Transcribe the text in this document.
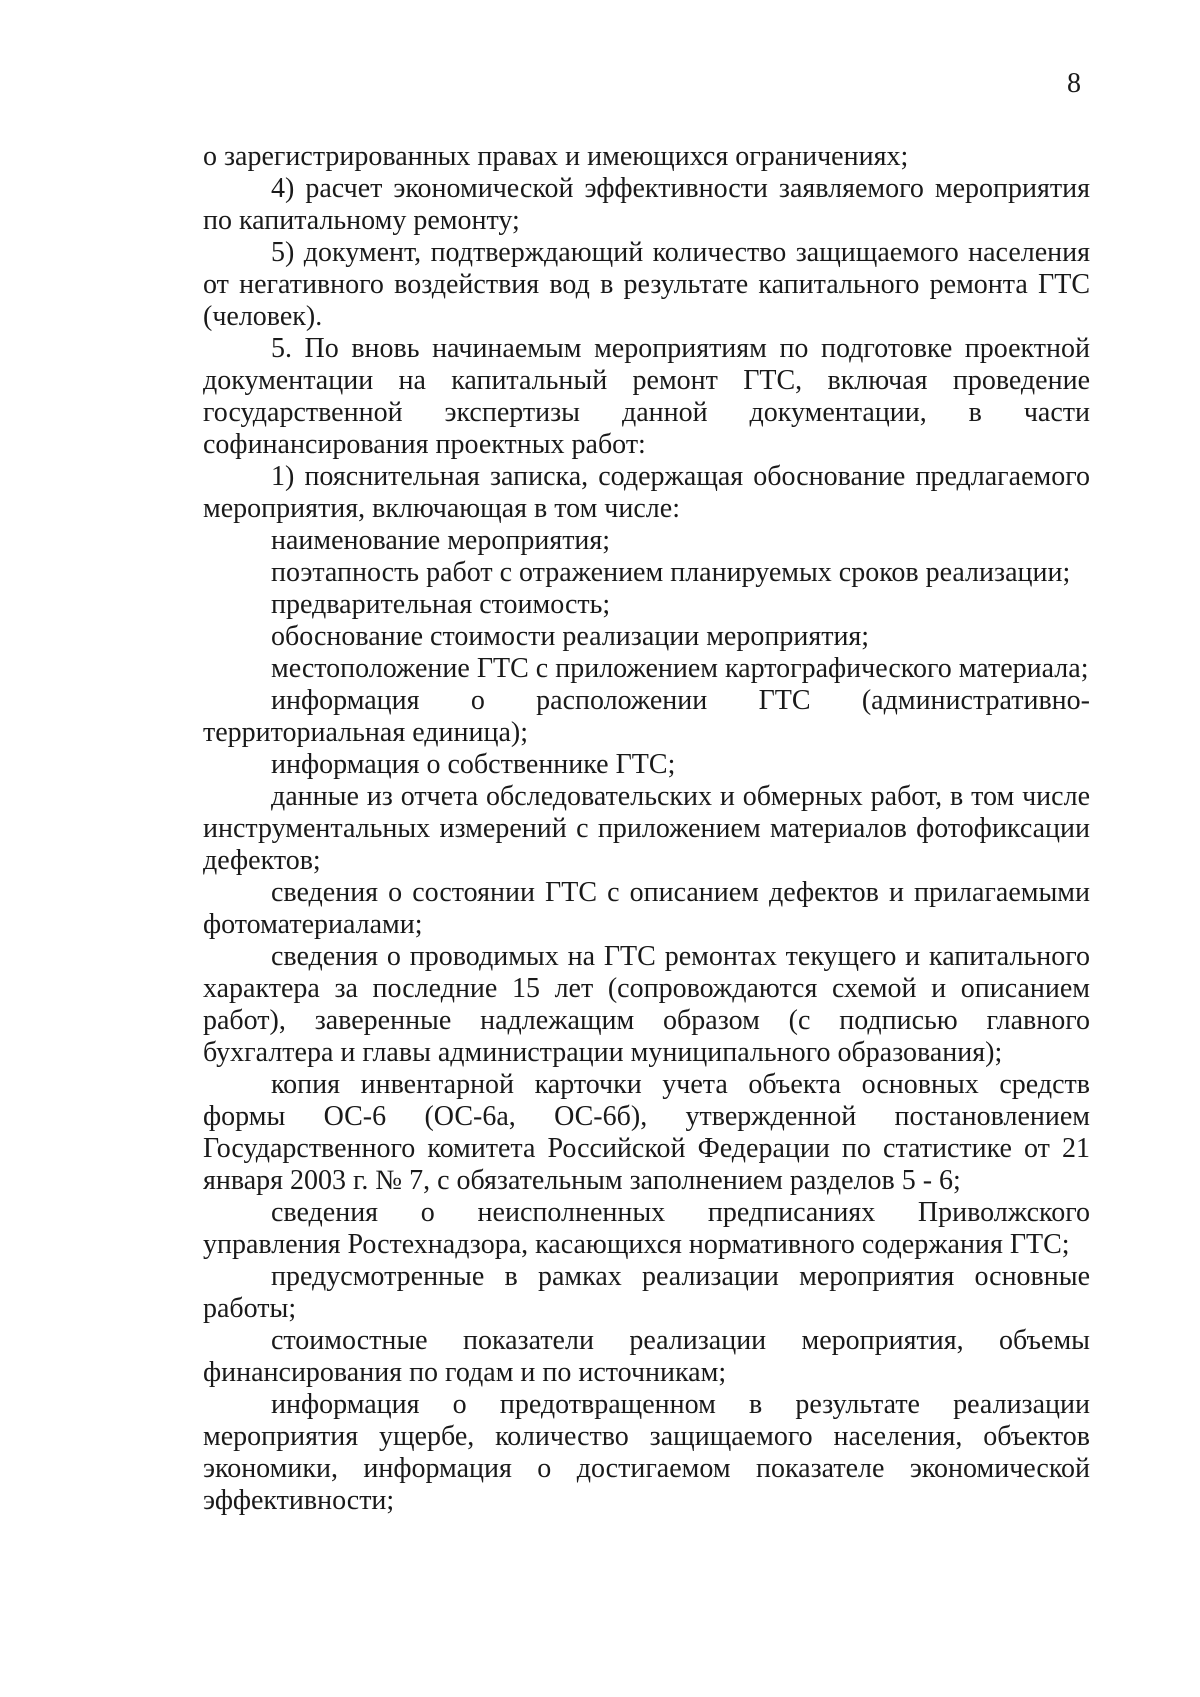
8

о зарегистрированных правах и имеющихся ограничениях;

4) расчет экономической эффективности заявляемого мероприятия по капитальному ремонту;

5) документ, подтверждающий количество защищаемого населения от негативного воздействия вод в результате капитального ремонта ГТС (человек).

5. По вновь начинаемым мероприятиям по подготовке проектной документации на капитальный ремонт ГТС, включая проведение государственной экспертизы данной документации, в части софинансирования проектных работ:

1) пояснительная записка, содержащая обоснование предлагаемого мероприятия, включающая в том числе:

наименование мероприятия;

поэтапность работ с отражением планируемых сроков реализации;

предварительная стоимость;

обоснование стоимости реализации мероприятия;

местоположение ГТС с приложением картографического материала;

информация о расположении ГТС (административно-территориальная единица);

информация о собственнике ГТС;

данные из отчета обследовательских и обмерных работ, в том числе инструментальных измерений с приложением материалов фотофиксации дефектов;

сведения о состоянии ГТС с описанием дефектов и прилагаемыми фотоматериалами;

сведения о проводимых на ГТС ремонтах текущего и капитального характера за последние 15 лет (сопровождаются схемой и описанием работ), заверенные надлежащим образом (с подписью главного бухгалтера и главы администрации муниципального образования);

копия инвентарной карточки учета объекта основных средств формы ОС-6 (ОС-6а, ОС-6б), утвержденной постановлением Государственного комитета Российской Федерации по статистике от 21 января 2003 г. № 7, с обязательным заполнением разделов 5 - 6;

сведения о неисполненных предписаниях Приволжского управления Ростехнадзора, касающихся нормативного содержания ГТС;

предусмотренные в рамках реализации мероприятия основные работы;

стоимостные показатели реализации мероприятия, объемы финансирования по годам и по источникам;

информация о предотвращенном в результате реализации мероприятия ущербе, количество защищаемого населения, объектов экономики, информация о достигаемом показателе экономической эффективности;
